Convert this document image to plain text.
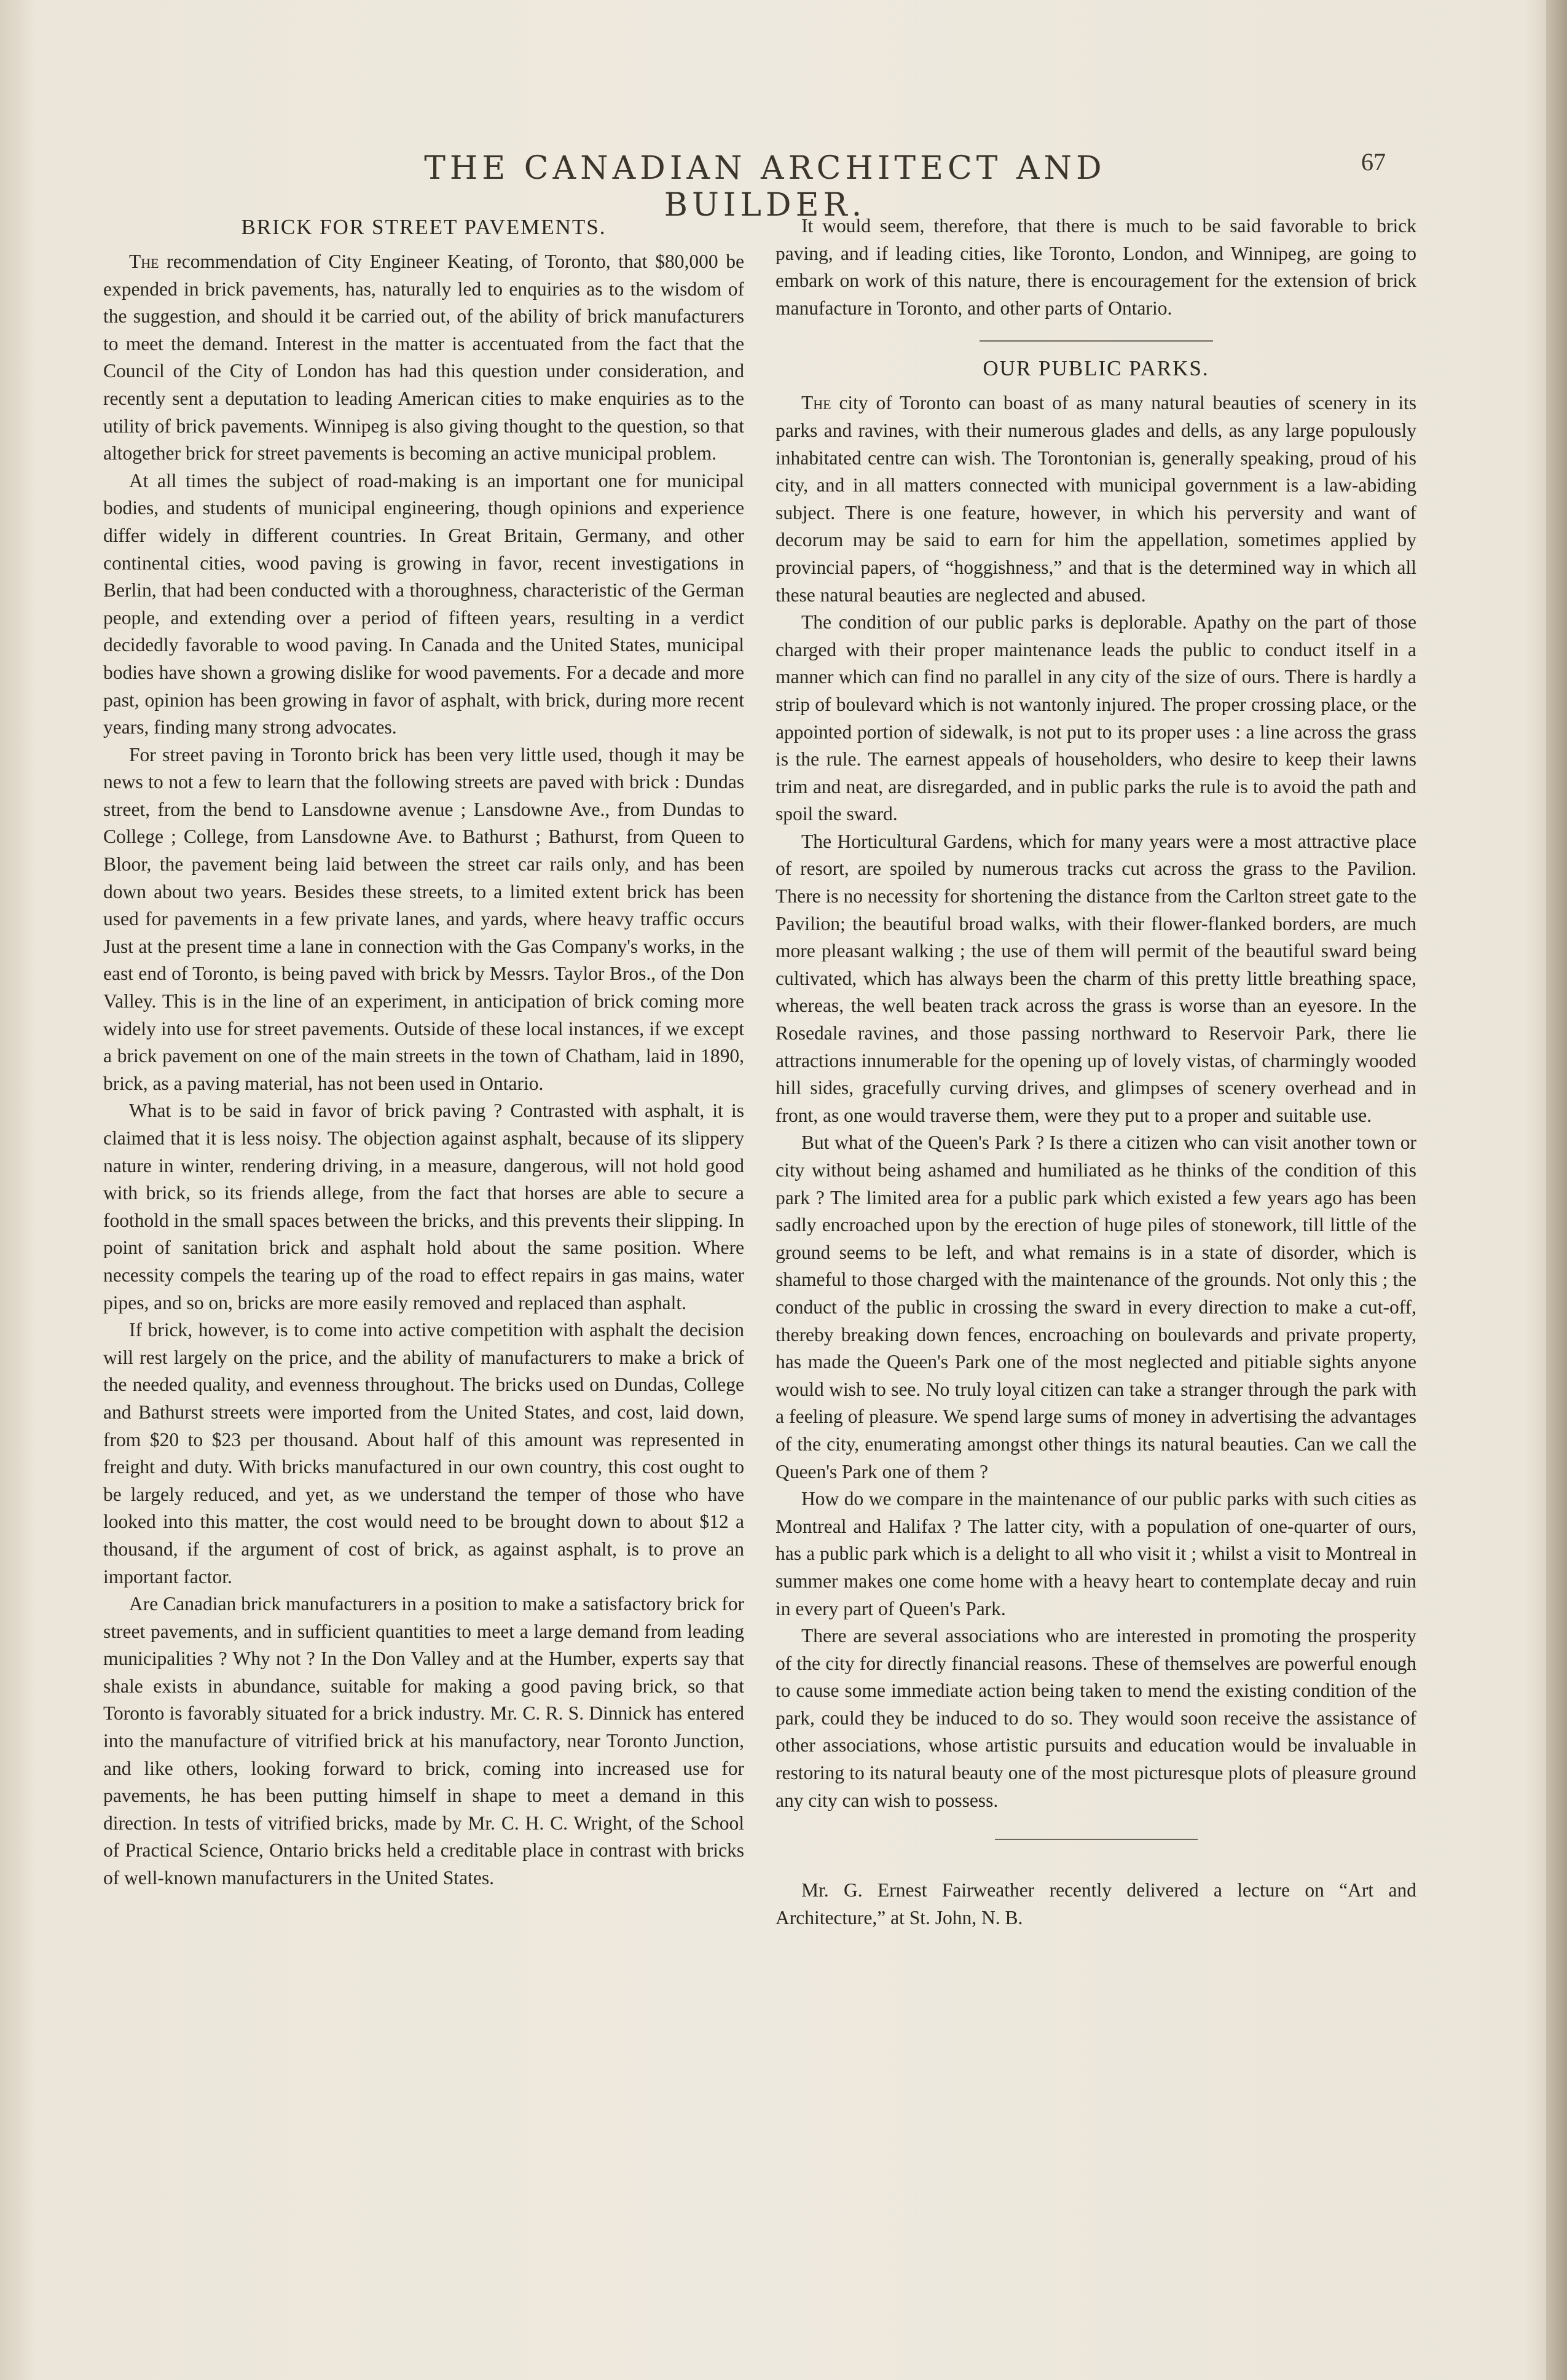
THE CANADIAN ARCHITECT AND BUILDER.
67
BRICK FOR STREET PAVEMENTS.

The recommendation of City Engineer Keating, of Toronto, that $80,000 be expended in brick pavements, has, naturally led to enquiries as to the wisdom of the suggestion, and should it be carried out, of the ability of brick manufacturers to meet the demand. Interest in the matter is accentuated from the fact that the Council of the City of London has had this question under consideration, and recently sent a deputation to leading American cities to make enquiries as to the utility of brick pavements. Winnipeg is also giving thought to the question, so that altogether brick for street pavements is becoming an active municipal problem.

At all times the subject of road-making is an important one for municipal bodies, and students of municipal engineering, though opinions and experience differ widely in different countries. In Great Britain, Germany, and other continental cities, wood paving is growing in favor, recent investigations in Berlin, that had been conducted with a thoroughness, characteristic of the German people, and extending over a period of fifteen years, resulting in a verdict decidedly favorable to wood paving. In Canada and the United States, municipal bodies have shown a growing dislike for wood pavements. For a decade and more past, opinion has been growing in favor of asphalt, with brick, during more recent years, finding many strong advocates.

For street paving in Toronto brick has been very little used, though it may be news to not a few to learn that the following streets are paved with brick : Dundas street, from the bend to Lansdowne avenue ; Lansdowne Ave., from Dundas to College ; College, from Lansdowne Ave. to Bathurst ; Bathurst, from Queen to Bloor, the pavement being laid between the street car rails only, and has been down about two years. Besides these streets, to a limited extent brick has been used for pavements in a few private lanes, and yards, where heavy traffic occurs Just at the present time a lane in connection with the Gas Company's works, in the east end of Toronto, is being paved with brick by Messrs. Taylor Bros., of the Don Valley. This is in the line of an experiment, in anticipation of brick coming more widely into use for street pavements. Outside of these local instances, if we except a brick pavement on one of the main streets in the town of Chatham, laid in 1890, brick, as a paving material, has not been used in Ontario.

What is to be said in favor of brick paving ? Contrasted with asphalt, it is claimed that it is less noisy. The objection against asphalt, because of its slippery nature in winter, rendering driving, in a measure, dangerous, will not hold good with brick, so its friends allege, from the fact that horses are able to secure a foothold in the small spaces between the bricks, and this prevents their slipping. In point of sanitation brick and asphalt hold about the same position. Where necessity compels the tearing up of the road to effect repairs in gas mains, water pipes, and so on, bricks are more easily removed and replaced than asphalt.

If brick, however, is to come into active competition with asphalt the decision will rest largely on the price, and the ability of manufacturers to make a brick of the needed quality, and evenness throughout. The bricks used on Dundas, College and Bathurst streets were imported from the United States, and cost, laid down, from $20 to $23 per thousand. About half of this amount was represented in freight and duty. With bricks manufactured in our own country, this cost ought to be largely reduced, and yet, as we understand the temper of those who have looked into this matter, the cost would need to be brought down to about $12 a thousand, if the argument of cost of brick, as against asphalt, is to prove an important factor.

Are Canadian brick manufacturers in a position to make a satisfactory brick for street pavements, and in sufficient quantities to meet a large demand from leading municipalities ? Why not ? In the Don Valley and at the Humber, experts say that shale exists in abundance, suitable for making a good paving brick, so that Toronto is favorably situated for a brick industry. Mr. C. R. S. Dinnick has entered into the manufacture of vitrified brick at his manufactory, near Toronto Junction, and like others, looking forward to brick, coming into increased use for pavements, he has been putting himself in shape to meet a demand in this direction. In tests of vitrified bricks, made by Mr. C. H. C. Wright, of the School of Practical Science, Ontario bricks held a creditable place in contrast with bricks of well-known manufacturers in the United States.

It would seem, therefore, that there is much to be said favorable to brick paving, and if leading cities, like Toronto, London, and Winnipeg, are going to embark on work of this nature, there is encouragement for the extension of brick manufacture in Toronto, and other parts of Ontario.

OUR PUBLIC PARKS.

The city of Toronto can boast of as many natural beauties of scenery in its parks and ravines, with their numerous glades and dells, as any large populously inhabitated centre can wish. The Torontonian is, generally speaking, proud of his city, and in all matters connected with municipal government is a law-abiding subject. There is one feature, however, in which his perversity and want of decorum may be said to earn for him the appellation, sometimes applied by provincial papers, of “hoggishness,” and that is the determined way in which all these natural beauties are neglected and abused.

The condition of our public parks is deplorable. Apathy on the part of those charged with their proper maintenance leads the public to conduct itself in a manner which can find no parallel in any city of the size of ours. There is hardly a strip of boulevard which is not wantonly injured. The proper crossing place, or the appointed portion of sidewalk, is not put to its proper uses : a line across the grass is the rule. The earnest appeals of householders, who desire to keep their lawns trim and neat, are disregarded, and in public parks the rule is to avoid the path and spoil the sward.

The Horticultural Gardens, which for many years were a most attractive place of resort, are spoiled by numerous tracks cut across the grass to the Pavilion. There is no necessity for shortening the distance from the Carlton street gate to the Pavilion; the beautiful broad walks, with their flower-flanked borders, are much more pleasant walking ; the use of them will permit of the beautiful sward being cultivated, which has always been the charm of this pretty little breathing space, whereas, the well beaten track across the grass is worse than an eyesore. In the Rosedale ravines, and those passing northward to Reservoir Park, there lie attractions innumerable for the opening up of lovely vistas, of charmingly wooded hill sides, gracefully curving drives, and glimpses of scenery overhead and in front, as one would traverse them, were they put to a proper and suitable use.

But what of the Queen's Park ? Is there a citizen who can visit another town or city without being ashamed and humiliated as he thinks of the condition of this park ? The limited area for a public park which existed a few years ago has been sadly encroached upon by the erection of huge piles of stonework, till little of the ground seems to be left, and what remains is in a state of disorder, which is shameful to those charged with the maintenance of the grounds. Not only this ; the conduct of the public in crossing the sward in every direction to make a cut-off, thereby breaking down fences, encroaching on boulevards and private property, has made the Queen's Park one of the most neglected and pitiable sights anyone would wish to see. No truly loyal citizen can take a stranger through the park with a feeling of pleasure. We spend large sums of money in advertising the advantages of the city, enumerating amongst other things its natural beauties. Can we call the Queen's Park one of them ?

How do we compare in the maintenance of our public parks with such cities as Montreal and Halifax ? The latter city, with a population of one-quarter of ours, has a public park which is a delight to all who visit it ; whilst a visit to Montreal in summer makes one come home with a heavy heart to contemplate decay and ruin in every part of Queen's Park.

There are several associations who are interested in promoting the prosperity of the city for directly financial reasons. These of themselves are powerful enough to cause some immediate action being taken to mend the existing condition of the park, could they be induced to do so. They would soon receive the assistance of other associations, whose artistic pursuits and education would be invaluable in restoring to its natural beauty one of the most picturesque plots of pleasure ground any city can wish to possess.

Mr. G. Ernest Fairweather recently delivered a lecture on “Art and Architecture,” at St. John, N. B.
